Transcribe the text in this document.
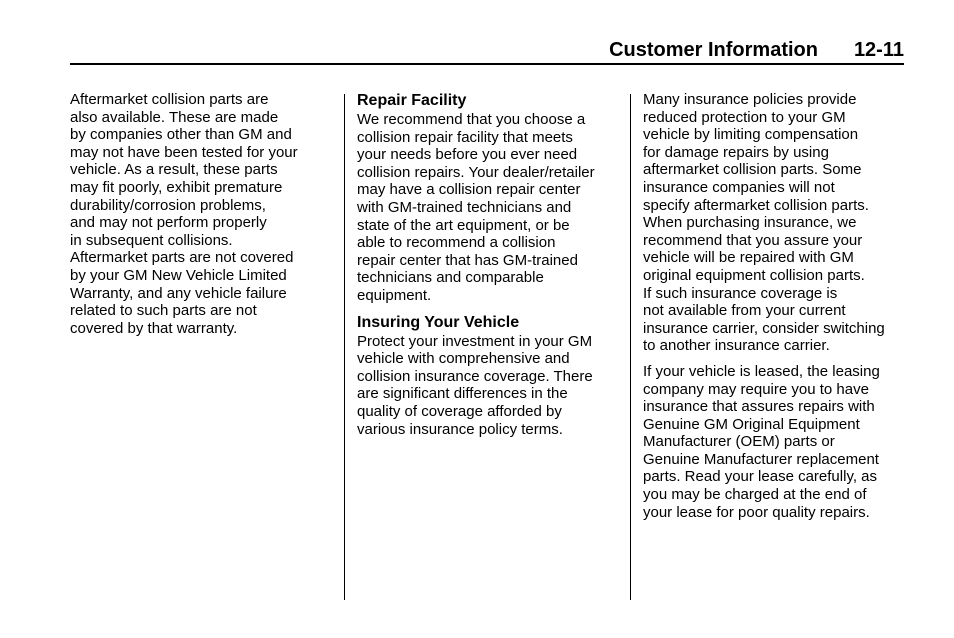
Customer Information 12-11

Aftermarket collision parts are
also available. These are made
by companies other than GM and
may not have been tested for your
vehicle. As a result, these parts
may fit poorly, exhibit premature
durability/corrosion problems,
and may not perform properly
in subsequent collisions.
Aftermarket parts are not covered
by your GM New Vehicle Limited
Warranty, and any vehicle failure
related to such parts are not
covered by that warranty.

Repair Facility

We recommend that you choose a
collision repair facility that meets
your needs before you ever need
collision repairs. Your dealer/retailer
may have a collision repair center
with GM-trained technicians and
state of the art equipment, or be
able to recommend a collision
repair center that has GM-trained
technicians and comparable
equipment.

Insuring Your Vehicle

Protect your investment in your GM
vehicle with comprehensive and
collision insurance coverage. There
are significant differences in the
quality of coverage afforded by
various insurance policy terms.

Many insurance policies provide
reduced protection to your GM
vehicle by limiting compensation
for damage repairs by using
aftermarket collision parts. Some
insurance companies will not
specify aftermarket collision parts.
When purchasing insurance, we
recommend that you assure your
vehicle will be repaired with GM
original equipment collision parts.
If such insurance coverage is
not available from your current
insurance carrier, consider switching
to another insurance carrier.

If your vehicle is leased, the leasing
company may require you to have
insurance that assures repairs with
Genuine GM Original Equipment
Manufacturer (OEM) parts or
Genuine Manufacturer replacement
parts. Read your lease carefully, as
you may be charged at the end of
your lease for poor quality repairs.
